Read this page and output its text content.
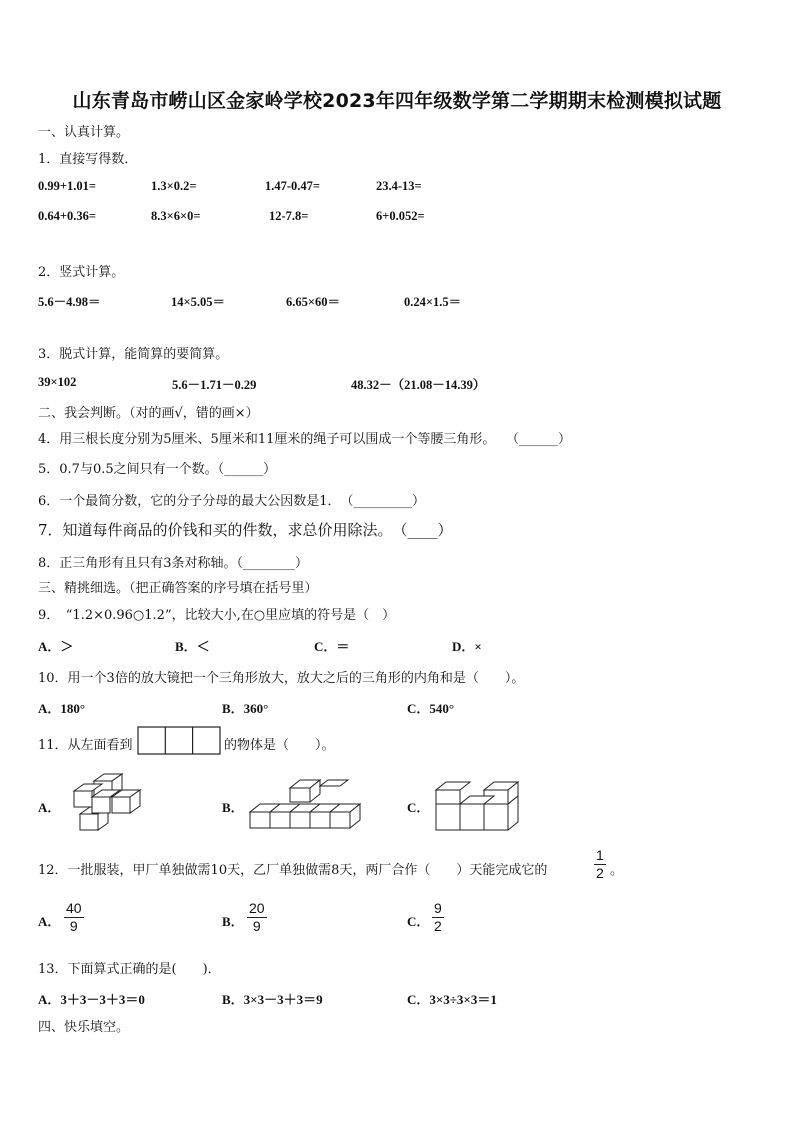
山东青岛市崂山区金家岭学校2023年四年级数学第二学期期末检测模拟试题
一、认真计算。
1．直接写得数．
0.99+1.01=	1.3×0.2=	1.47-0.47=	23.4-13=
0.64+0.36=	8.3×6×0=	12-7.8=	6+0.052=
2．竖式计算。
5.6－4.98＝	14×5.05＝	6.65×60＝	0.24×1.5＝
3．脱式计算，能简算的要简算。
39×102	5.6－1.71－0.29	48.32－（21.08－14.39）
二、我会判断。（对的画√，错的画×）
4．用三根长度分别为5厘米、5厘米和11厘米的绳子可以围成一个等腰三角形。　 （______）
5．0.7与0.5之间只有一个数。（______）
6．一个最简分数，它的分子分母的最大公因数是1．　（_________）
7．知道每件商品的价钱和买的件数，求总价用除法。　（____）
8．正三角形有且只有3条对称轴。（________）
三、精挑细选。（把正确答案的序号填在括号里）
9．　“1.2×0.96○1.2”，比较大小,在○里应填的符号是（　）
A．＞	B．＜	C．＝	D．×
10．用一个3倍的放大镜把一个三角形放大，放大之后的三角形的内角和是（　　）。
A．180°	B．360°	C．540°
11．从左面看到	的物体是（　　）。
A．	B．	C．
12．一批服装，甲厂单独做需10天，乙厂单独做需8天，两厂合作（　　）天能完成它的
1
2 。
A．
40
9	B．
20
9	C．
9
2
13．下面算式正确的是(　　)．
A．3＋3－3＋3＝0	B．3×3－3＋3＝9	C．3×3÷3×3＝1
四、快乐填空。
